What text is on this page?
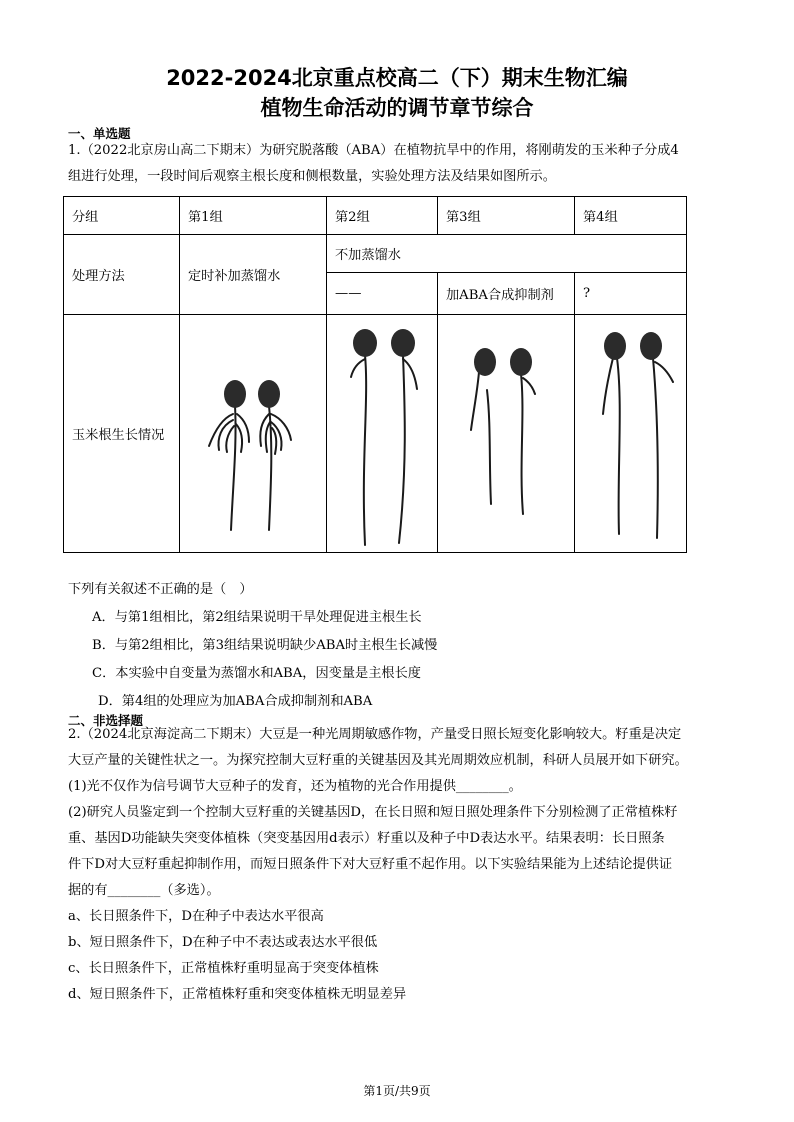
2022-2024北京重点校高二（下）期末生物汇编
植物生命活动的调节章节综合
一、单选题
1.（2022北京房山高二下期末）为研究脱落酸（ABA）在植物抗旱中的作用，将刚萌发的玉米种子分成4
组进行处理，一段时间后观察主根长度和侧根数量，实验处理方法及结果如图所示。
分组	第1组	第2组	第3组	第4组
处理方法	定时补加蒸馏水	不加蒸馏水		
		——	加ABA合成抑制剂	?
玉米根生长情况	

下列有关叙述不正确的是（　）
A．与第1组相比，第2组结果说明干旱处理促进主根生长
B．与第2组相比，第3组结果说明缺少ABA时主根生长减慢
C．本实验中自变量为蒸馏水和ABA，因变量是主根长度
D．第4组的处理应为加ABA合成抑制剂和ABA
二、非选择题
2.（2024北京海淀高二下期末）大豆是一种光周期敏感作物，产量受日照长短变化影响较大。籽重是决定
大豆产量的关键性状之一。为探究控制大豆籽重的关键基因及其光周期效应机制，科研人员展开如下研究。
(1)光不仅作为信号调节大豆种子的发育，还为植物的光合作用提供________。
(2)研究人员鉴定到一个控制大豆籽重的关键基因D，在长日照和短日照处理条件下分别检测了正常植株籽
重、基因D功能缺失突变体植株（突变基因用d表示）籽重以及种子中D表达水平。结果表明：长日照条
件下D对大豆籽重起抑制作用，而短日照条件下对大豆籽重不起作用。以下实验结果能为上述结论提供证
据的有________（多选）。
a、长日照条件下，D在种子中表达水平很高
b、短日照条件下，D在种子中不表达或表达水平很低
c、长日照条件下，正常植株籽重明显高于突变体植株
d、短日照条件下，正常植株籽重和突变体植株无明显差异
第1页/共9页
